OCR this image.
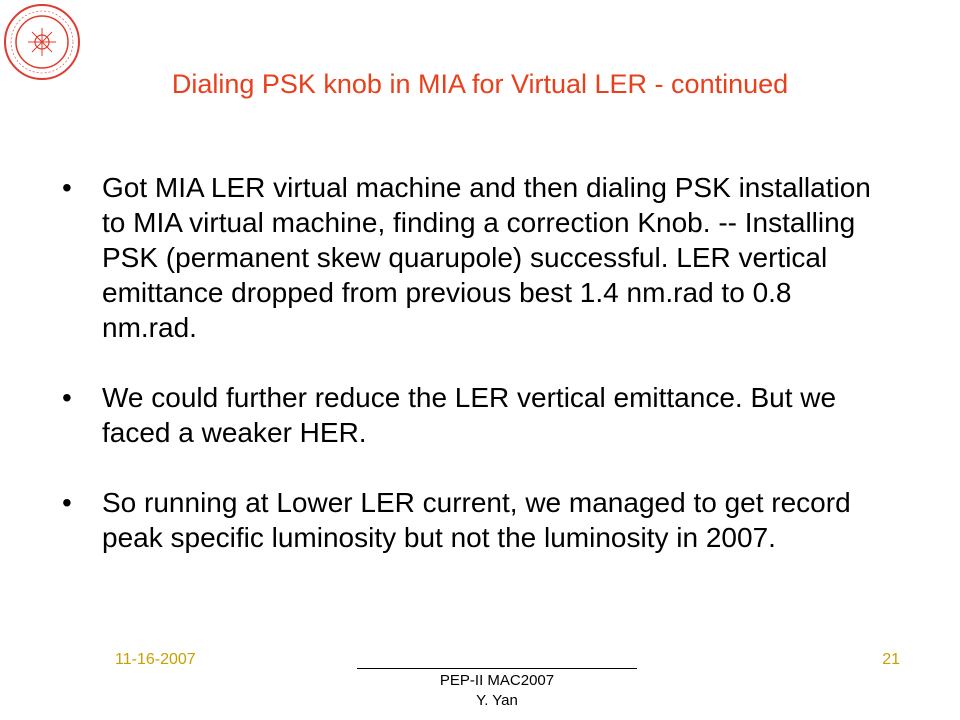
Dialing PSK knob in MIA for Virtual LER - continued
•	Got MIA LER virtual machine and then dialing PSK installation to MIA virtual machine, finding a correction Knob. -- Installing PSK (permanent skew quarupole) successful. LER vertical emittance dropped from previous best 1.4 nm.rad to 0.8 nm.rad.
•	We could further reduce the LER vertical emittance. But we faced a weaker HER.
•	So running at Lower LER current, we managed to get record peak specific luminosity but not the luminosity in 2007.
11-16-2007
PEP-II MAC2007
Y. Yan
21
